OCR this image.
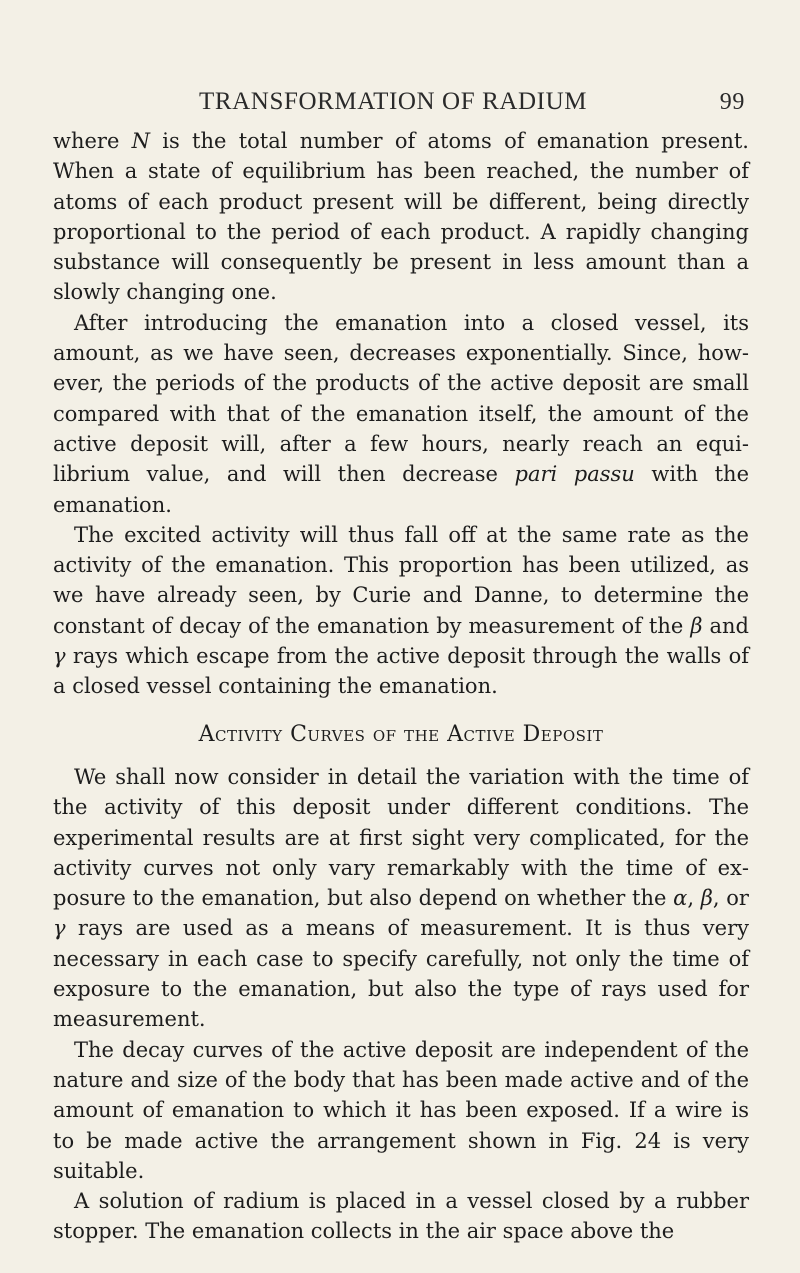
TRANSFORMATION OF RADIUM	99

where N is the total number of atoms of emanation present. When a state of equilibrium has been reached, the number of atoms of each product present will be different, being directly proportional to the period of each product. A rapidly changing substance will consequently be present in less amount than a slowly changing one.

After introducing the emanation into a closed vessel, its amount, as we have seen, decreases exponentially. Since, however, the periods of the products of the active deposit are small compared with that of the emanation itself, the amount of the active deposit will, after a few hours, nearly reach an equilibrium value, and will then decrease pari passu with the emanation.

The excited activity will thus fall off at the same rate as the activity of the emanation. This proportion has been utilized, as we have already seen, by Curie and Danne, to determine the constant of decay of the emanation by measurement of the β and γ rays which escape from the active deposit through the walls of a closed vessel containing the emanation.

Activity Curves of the Active Deposit

We shall now consider in detail the variation with the time of the activity of this deposit under different conditions. The experimental results are at first sight very complicated, for the activity curves not only vary remarkably with the time of exposure to the emanation, but also depend on whether the α, β, or γ rays are used as a means of measurement. It is thus very necessary in each case to specify carefully, not only the time of exposure to the emanation, but also the type of rays used for measurement.

The decay curves of the active deposit are independent of the nature and size of the body that has been made active and of the amount of emanation to which it has been exposed. If a wire is to be made active the arrangement shown in Fig. 24 is very suitable.

A solution of radium is placed in a vessel closed by a rubber stopper. The emanation collects in the air space above the
